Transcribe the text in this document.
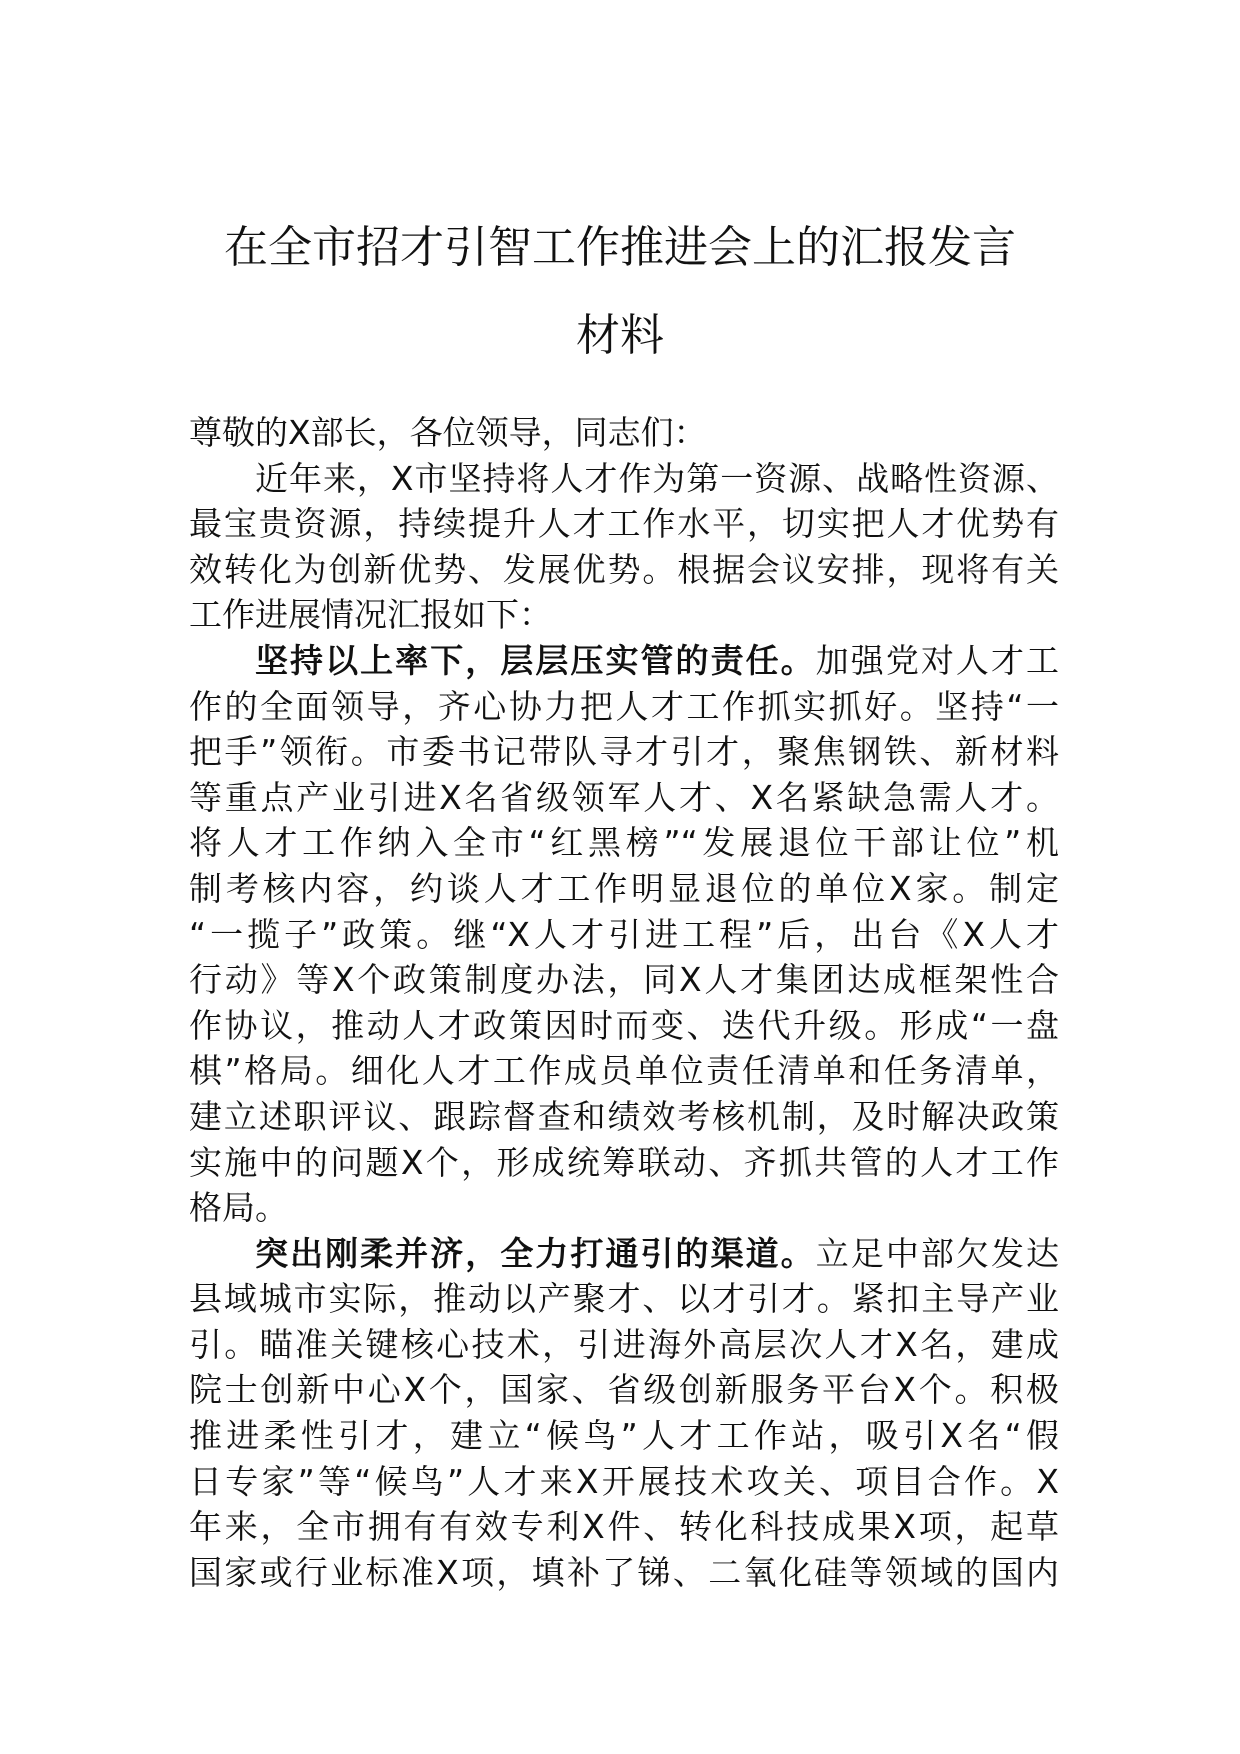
在全市招才引智工作推进会上的汇报发言
材料
尊敬的X部长，各位领导，同志们：
近年来，X市坚持将人才作为第一资源、战略性资源、
最宝贵资源，持续提升人才工作水平，切实把人才优势有
效转化为创新优势、发展优势。根据会议安排，现将有关
工作进展情况汇报如下：
坚持以上率下，层层压实管的责任。加强党对人才工
作的全面领导，齐心协力把人才工作抓实抓好。坚持“一
把手”领衔。市委书记带队寻才引才，聚焦钢铁、新材料
等重点产业引进X名省级领军人才、X名紧缺急需人才。
将人才工作纳入全市“红黑榜”“发展退位干部让位”机
制考核内容，约谈人才工作明显退位的单位X家。制定
“一揽子”政策。继“X人才引进工程”后，出台《X人才
行动》等X个政策制度办法，同X人才集团达成框架性合
作协议，推动人才政策因时而变、迭代升级。形成“一盘
棋”格局。细化人才工作成员单位责任清单和任务清单，
建立述职评议、跟踪督查和绩效考核机制，及时解决政策
实施中的问题X个，形成统筹联动、齐抓共管的人才工作
格局。
突出刚柔并济，全力打通引的渠道。立足中部欠发达
县域城市实际，推动以产聚才、以才引才。紧扣主导产业
引。瞄准关键核心技术，引进海外高层次人才X名，建成
院士创新中心X个，国家、省级创新服务平台X个。积极
推进柔性引才，建立“候鸟”人才工作站，吸引X名“假
日专家”等“候鸟”人才来X开展技术攻关、项目合作。X
年来，全市拥有有效专利X件、转化科技成果X项，起草
国家或行业标准X项，填补了锑、二氧化硅等领域的国内
